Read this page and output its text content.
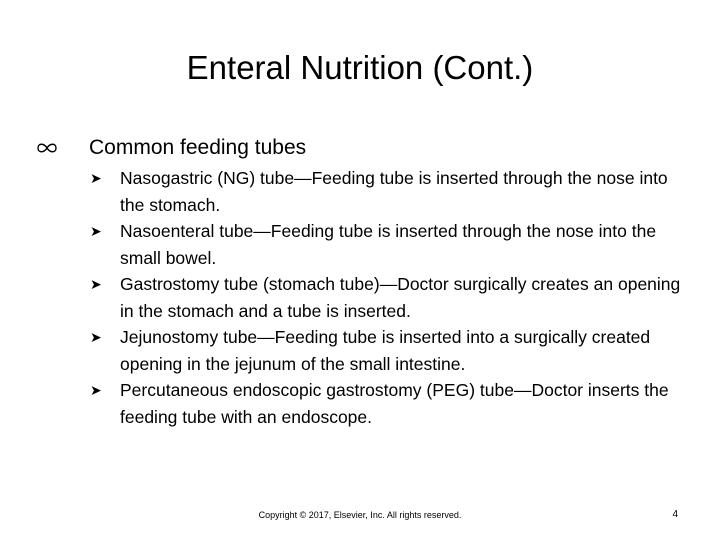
Enteral Nutrition (Cont.)
Common feeding tubes
➤ Nasogastric (NG) tube—Feeding tube is inserted through the nose into the stomach.
➤ Nasoenteral tube—Feeding tube is inserted through the nose into the small bowel.
➤ Gastrostomy tube (stomach tube)—Doctor surgically creates an opening in the stomach and a tube is inserted.
➤ Jejunostomy tube—Feeding tube is inserted into a surgically created opening in the jejunum of the small intestine.
➤ Percutaneous endoscopic gastrostomy (PEG) tube—Doctor inserts the feeding tube with an endoscope.
Copyright © 2017, Elsevier, Inc. All rights reserved.	4
